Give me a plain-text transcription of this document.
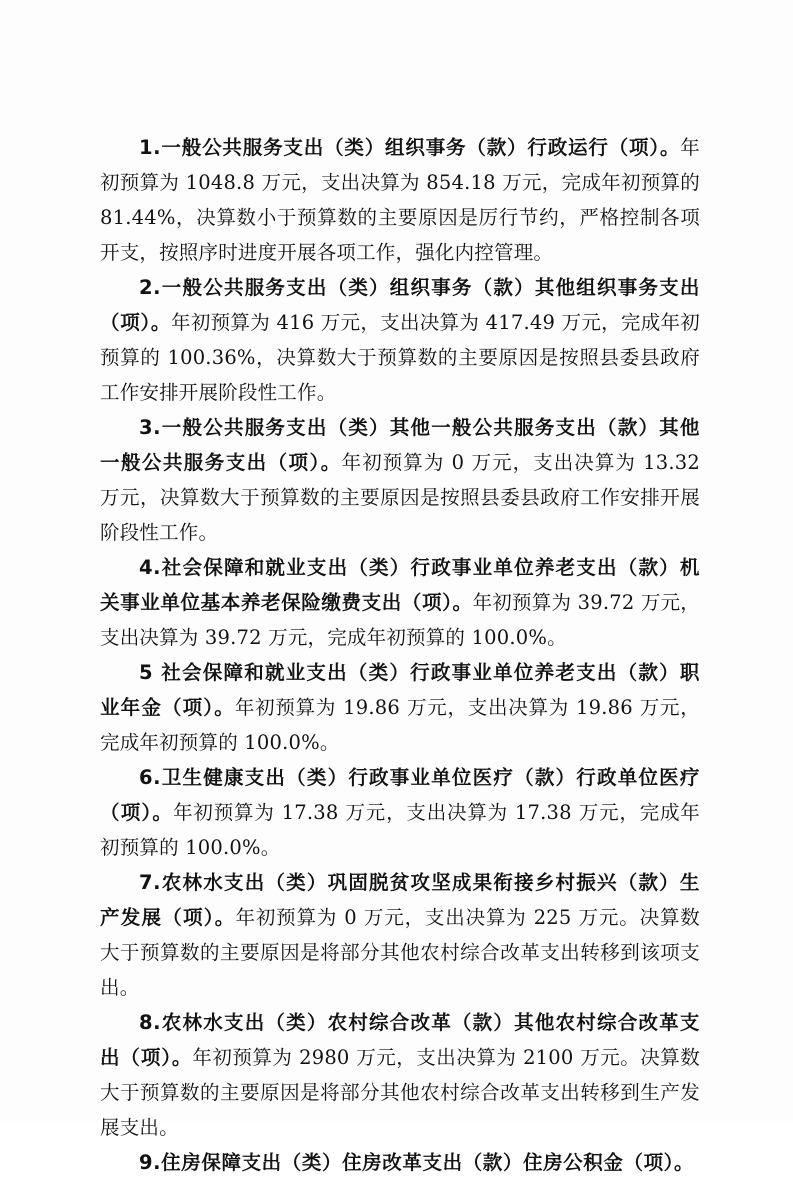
1.一般公共服务支出（类）组织事务（款）行政运行（项）。年初预算为 1048.8 万元，支出决算为 854.18 万元，完成年初预算的 81.44%，决算数小于预算数的主要原因是厉行节约，严格控制各项开支，按照序时进度开展各项工作，强化内控管理。

2.一般公共服务支出（类）组织事务（款）其他组织事务支出（项）。年初预算为 416 万元，支出决算为 417.49 万元，完成年初预算的 100.36%，决算数大于预算数的主要原因是按照县委县政府工作安排开展阶段性工作。

3.一般公共服务支出（类）其他一般公共服务支出（款）其他一般公共服务支出（项）。年初预算为 0 万元，支出决算为 13.32 万元，决算数大于预算数的主要原因是按照县委县政府工作安排开展阶段性工作。

4.社会保障和就业支出（类）行政事业单位养老支出（款）机关事业单位基本养老保险缴费支出（项）。年初预算为 39.72 万元，支出决算为 39.72 万元，完成年初预算的 100.0%。

5 社会保障和就业支出（类）行政事业单位养老支出（款）职业年金（项）。年初预算为 19.86 万元，支出决算为 19.86 万元，完成年初预算的 100.0%。

6.卫生健康支出（类）行政事业单位医疗（款）行政单位医疗（项）。年初预算为 17.38 万元，支出决算为 17.38 万元，完成年初预算的 100.0%。

7.农林水支出（类）巩固脱贫攻坚成果衔接乡村振兴（款）生产发展（项）。年初预算为 0 万元，支出决算为 225 万元。决算数大于预算数的主要原因是将部分其他农村综合改革支出转移到该项支出。

8.农林水支出（类）农村综合改革（款）其他农村综合改革支出（项）。年初预算为 2980 万元，支出决算为 2100 万元。决算数大于预算数的主要原因是将部分其他农村综合改革支出转移到生产发展支出。

9.住房保障支出（类）住房改革支出（款）住房公积金（项）。
